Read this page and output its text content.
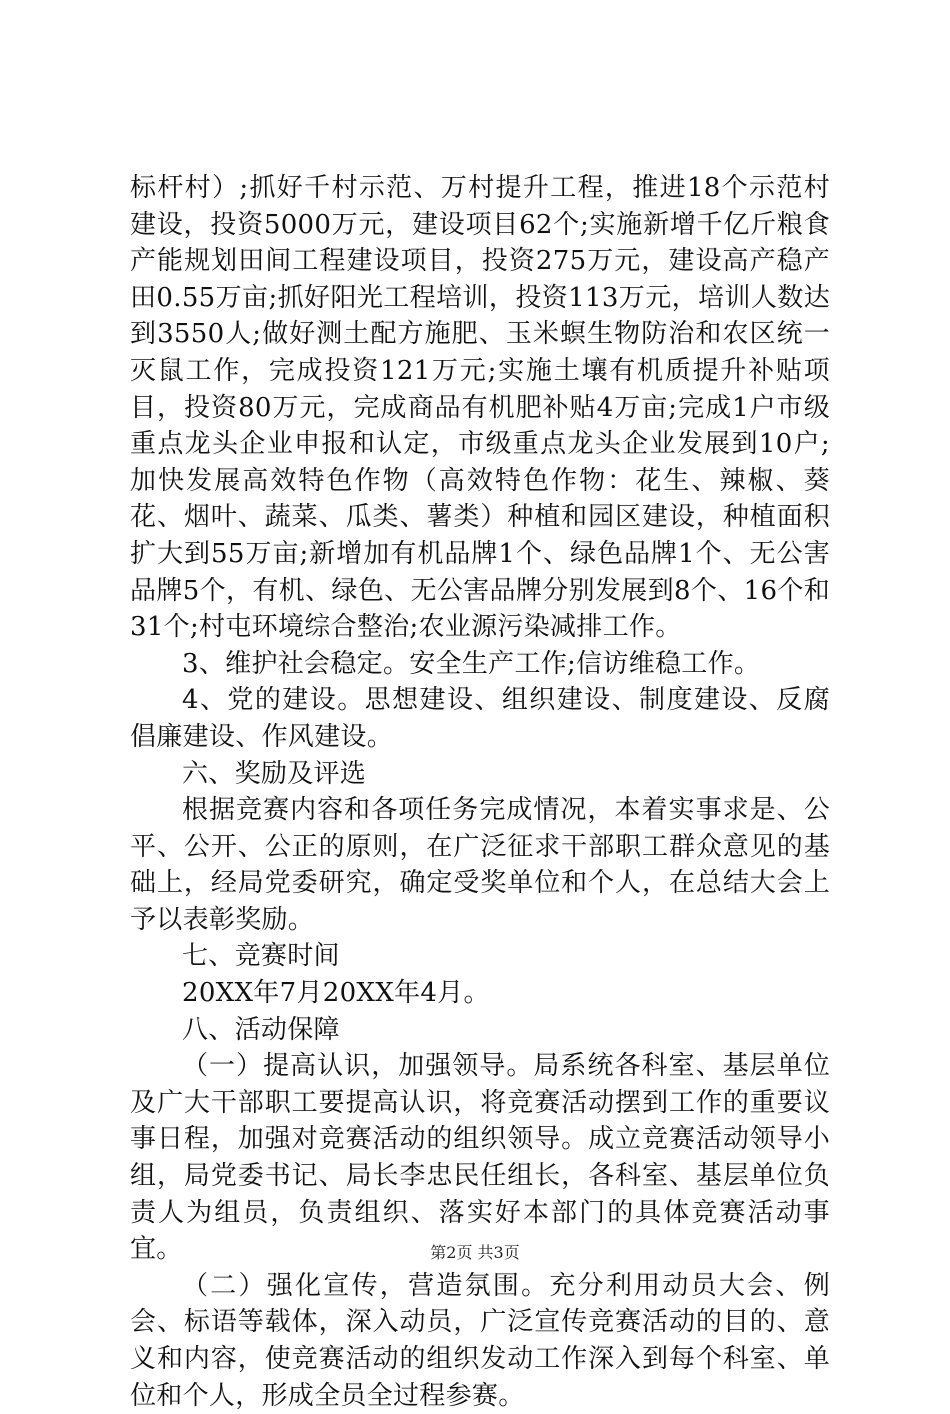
标杆村）;抓好千村示范、万村提升工程，推进18个示范村建设，投资5000万元，建设项目62个;实施新增千亿斤粮食产能规划田间工程建设项目，投资275万元，建设高产稳产田0.55万亩;抓好阳光工程培训，投资113万元，培训人数达到3550人;做好测土配方施肥、玉米螟生物防治和农区统一灭鼠工作，完成投资121万元;实施土壤有机质提升补贴项目，投资80万元，完成商品有机肥补贴4万亩;完成1户市级重点龙头企业申报和认定，市级重点龙头企业发展到10户;加快发展高效特色作物（高效特色作物：花生、辣椒、葵花、烟叶、蔬菜、瓜类、薯类）种植和园区建设，种植面积扩大到55万亩;新增加有机品牌1个、绿色品牌1个、无公害品牌5个，有机、绿色、无公害品牌分别发展到8个、16个和31个;村屯环境综合整治;农业源污染减排工作。

3、维护社会稳定。安全生产工作;信访维稳工作。

4、党的建设。思想建设、组织建设、制度建设、反腐倡廉建设、作风建设。

六、奖励及评选

根据竞赛内容和各项任务完成情况，本着实事求是、公平、公开、公正的原则，在广泛征求干部职工群众意见的基础上，经局党委研究，确定受奖单位和个人，在总结大会上予以表彰奖励。

七、竞赛时间

20XX年7月20XX年4月。

八、活动保障

（一）提高认识，加强领导。局系统各科室、基层单位及广大干部职工要提高认识，将竞赛活动摆到工作的重要议事日程，加强对竞赛活动的组织领导。成立竞赛活动领导小组，局党委书记、局长李忠民任组长，各科室、基层单位负责人为组员，负责组织、落实好本部门的具体竞赛活动事宜。

（二）强化宣传，营造氛围。充分利用动员大会、例会、标语等载体，深入动员，广泛宣传竞赛活动的目的、意义和内容，使竞赛活动的组织发动工作深入到每个科室、单位和个人，形成全员全过程参赛。

第2页 共3页
